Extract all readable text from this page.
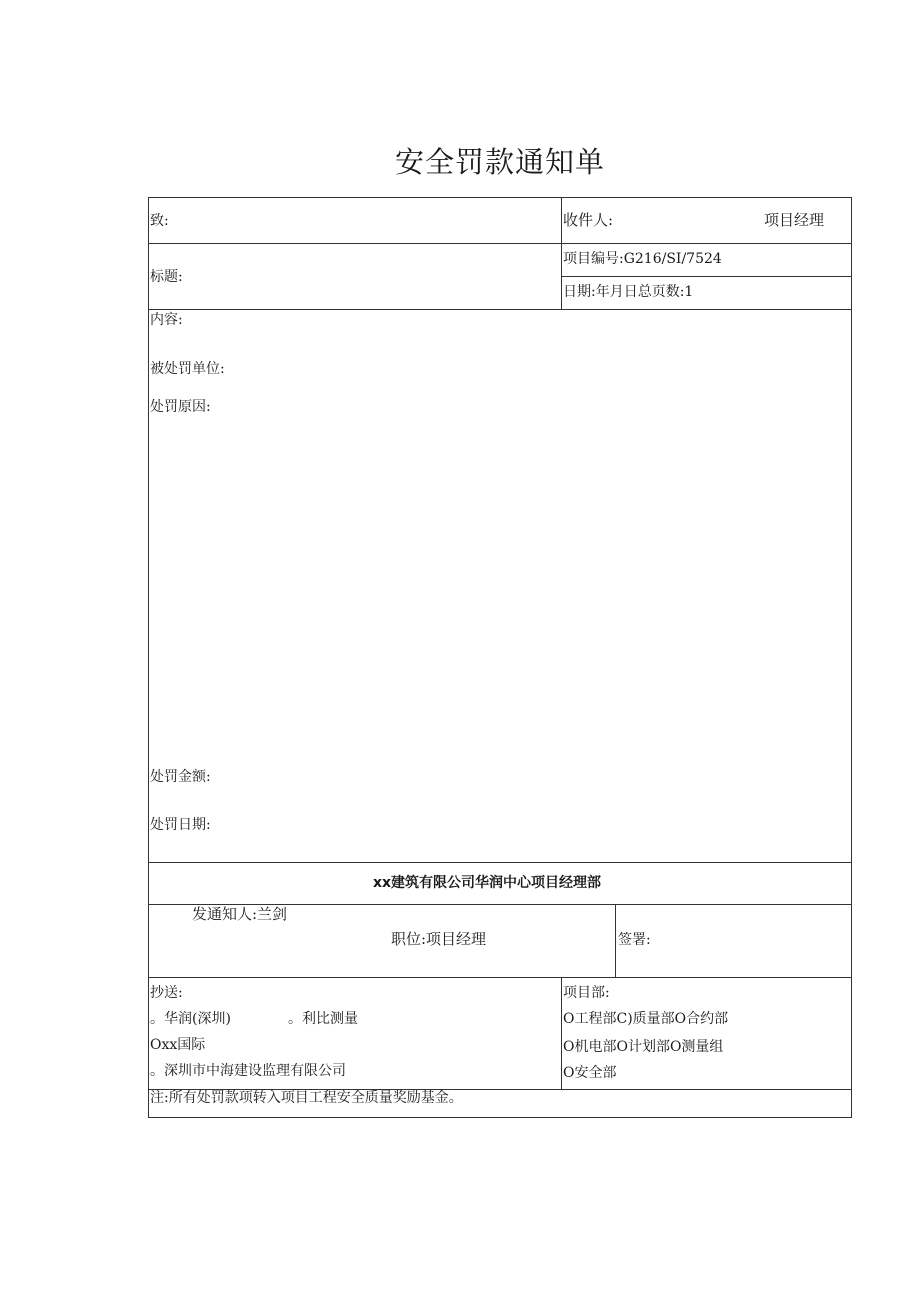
安全罚款通知单
致:	收件人:	项目经理
标题:
项目编号:G216/SI/7524
日期:年月日总页数:1
内容:
被处罚单位:
处罚原因:
处罚金额:
处罚日期:
xx建筑有限公司华润中心项目经理部
发通知人:兰剑
职位:项目经理	签署:
抄送:
。华润(深圳)	。利比测量
Oxx国际
。深圳市中海建设监理有限公司
项目部:
O工程部C)质量部O合约部
O机电部O计划部O测量组
O安全部
注:所有处罚款项转入项目工程安全质量奖励基金。
